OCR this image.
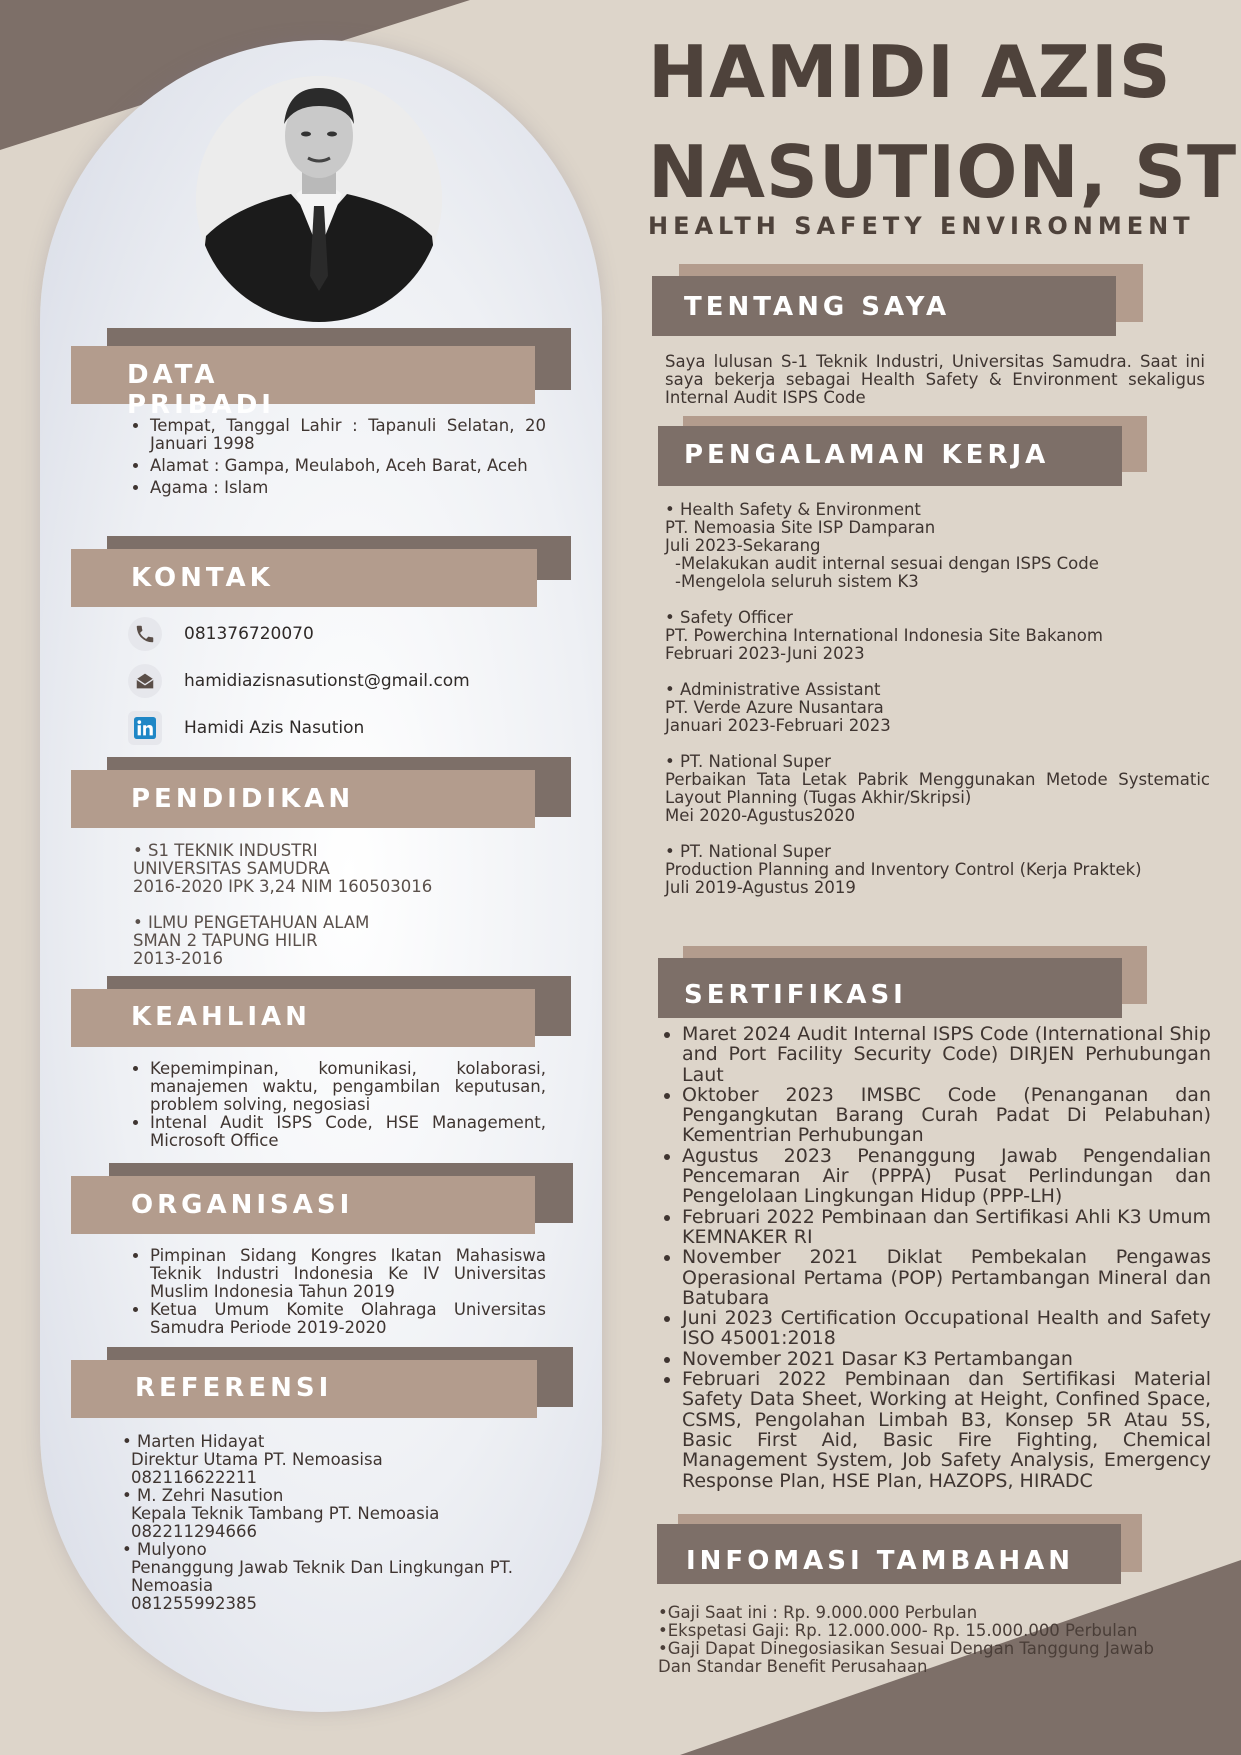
DATA PRIBADI
• Tempat, Tanggal Lahir : Tapanuli Selatan, 20 Januari 1998
• Alamat : Gampa, Meulaboh, Aceh Barat, Aceh
• Agama : Islam
KONTAK
081376720070
hamidiazisnasutionst@gmail.com
Hamidi Azis Nasution
PENDIDIKAN
• S1 TEKNIK INDUSTRI
UNIVERSITAS SAMUDRA
2016-2020 IPK 3,24 NIM 160503016
• ILMU PENGETAHUAN ALAM
SMAN 2 TAPUNG HILIR
2013-2016
KEAHLIAN
• Kepemimpinan, komunikasi, kolaborasi, manajemen waktu, pengambilan keputusan, problem solving, negosiasi
• Intenal Audit ISPS Code, HSE Management, Microsoft Office
ORGANISASI
• Pimpinan Sidang Kongres Ikatan Mahasiswa Teknik Industri Indonesia Ke IV Universitas Muslim Indonesia Tahun 2019
• Ketua Umum Komite Olahraga Universitas Samudra Periode 2019-2020
REFERENSI
• Marten Hidayat
Direktur Utama PT. Nemoasisa
082116622211
• M. Zehri Nasution
Kepala Teknik Tambang PT. Nemoasia
082211294666
• Mulyono
Penanggung Jawab Teknik Dan Lingkungan PT. Nemoasia
081255992385
HAMIDI AZIS
NASUTION, ST
HEALTH SAFETY ENVIRONMENT
TENTANG SAYA
Saya lulusan S-1 Teknik Industri, Universitas Samudra. Saat ini saya bekerja sebagai Health Safety & Environment sekaligus Internal Audit ISPS Code
PENGALAMAN KERJA
• Health Safety & Environment
PT. Nemoasia Site ISP Damparan
Juli 2023-Sekarang
-Melakukan audit internal sesuai dengan ISPS Code
-Mengelola seluruh sistem K3
• Safety Officer
PT. Powerchina International Indonesia Site Bakanom
Februari 2023-Juni 2023
• Administrative Assistant
PT. Verde Azure Nusantara
Januari 2023-Februari 2023
• PT. National Super
Perbaikan Tata Letak Pabrik Menggunakan Metode Systematic Layout Planning (Tugas Akhir/Skripsi)
Mei 2020-Agustus2020
• PT. National Super
Production Planning and Inventory Control (Kerja Praktek)
Juli 2019-Agustus 2019
SERTIFIKASI
• Maret 2024 Audit Internal ISPS Code (International Ship and Port Facility Security Code) DIRJEN Perhubungan Laut
• Oktober 2023 IMSBC Code (Penanganan dan Pengangkutan Barang Curah Padat Di Pelabuhan) Kementrian Perhubungan
• Agustus 2023 Penanggung Jawab Pengendalian Pencemaran Air (PPPA) Pusat Perlindungan dan Pengelolaan Lingkungan Hidup (PPP-LH)
• Februari 2022 Pembinaan dan Sertifikasi Ahli K3 Umum KEMNAKER RI
• November 2021 Diklat Pembekalan Pengawas Operasional Pertama (POP) Pertambangan Mineral dan Batubara
• Juni 2023 Certification Occupational Health and Safety ISO 45001:2018
• November 2021 Dasar K3 Pertambangan
• Februari 2022 Pembinaan dan Sertifikasi Material Safety Data Sheet, Working at Height, Confined Space, CSMS, Pengolahan Limbah B3, Konsep 5R Atau 5S, Basic First Aid, Basic Fire Fighting, Chemical Management System, Job Safety Analysis, Emergency Response Plan, HSE Plan, HAZOPS, HIRADC
INFOMASI TAMBAHAN
•Gaji Saat ini : Rp. 9.000.000 Perbulan
•Ekspetasi Gaji: Rp. 12.000.000- Rp. 15.000.000 Perbulan
•Gaji Dapat Dinegosiasikan Sesuai Dengan Tanggung Jawab Dan Standar Benefit Perusahaan
